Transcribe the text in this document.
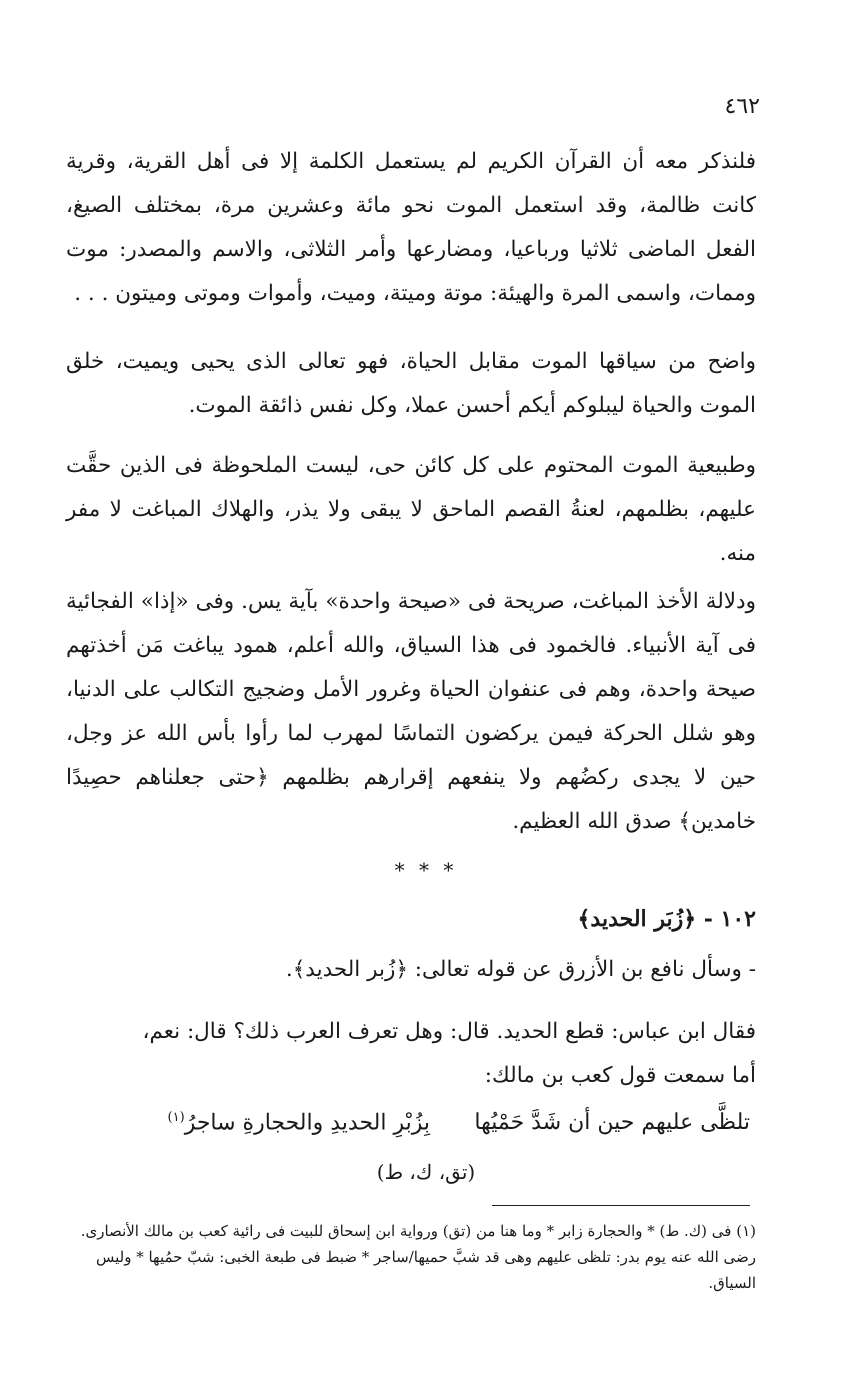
٤٦٢

فلنذكر معه أن القرآن الكريم لم يستعمل الكلمة إلا فى أهل القرية، وقرية كانت ظالمة، وقد استعمل الموت نحو مائة وعشرين مرة، بمختلف الصيغ، الفعل الماضى ثلاثيا ورباعيا، ومضارعها وأمر الثلاثى، والاسم والمصدر: موت وممات، واسمى المرة والهيئة: موتة وميتة، وميت، وأموات وموتى وميتون . . .

واضح من سياقها الموت مقابل الحياة، فهو تعالى الذى يحيى ويميت، خلق الموت والحياة ليبلوكم أيكم أحسن عملا، وكل نفس ذائقة الموت.

وطبيعية الموت المحتوم على كل كائن حى، ليست الملحوظة فى الذين حقَّت عليهم، بظلمهم، لعنةُ القصم الماحق لا يبقى ولا يذر، والهلاك المباغت لا مفر منه.

ودلالة الأخذ المباغت، صريحة فى «صيحة واحدة» بآية يس. وفى «إذا» الفجائية فى آية الأنبياء. فالخمود فى هذا السياق، والله أعلم، همود يباغت مَن أخذتهم صيحة واحدة، وهم فى عنفوان الحياة وغرور الأمل وضجيج التكالب على الدنيا، وهو شلل الحركة فيمن يركضون التماسًا لمهرب لما رأوا بأس الله عز وجل، حين لا يجدى ركضُهم ولا ينفعهم إقرارهم بظلمهم ﴿حتى جعلناهم حصِيدًا خامدين﴾ صدق الله العظيم.

* * *
١٠٢ - ﴿زُبَر الحديد﴾
- وسأل نافع بن الأزرق عن قوله تعالى: ﴿زُبر الحديد﴾.

فقال ابن عباس: قطع الحديد. قال: وهل تعرف العرب ذلك؟ قال: نعم،
أما سمعت قول كعب بن مالك:

تلظَّى عليهم حين أن شَدَّ حَمْيُها
بِزُبْرِ الحديدِ والحجارةِ ساجرُ$^{(١)}$
(تق، ك، ط)

(١) فى (ك. ط) * والحجارة زابر * وما هنا من (تق) ورواية ابن إسحاق للبيت فى رائية كعب بن مالك الأنصارى. رضى الله عنه يوم بدر: تلظى عليهم وهى قد شبَّ حميها/ساجر * ضبط فى طبعة الخبى: شبّ حمُيها * وليس السياق.
